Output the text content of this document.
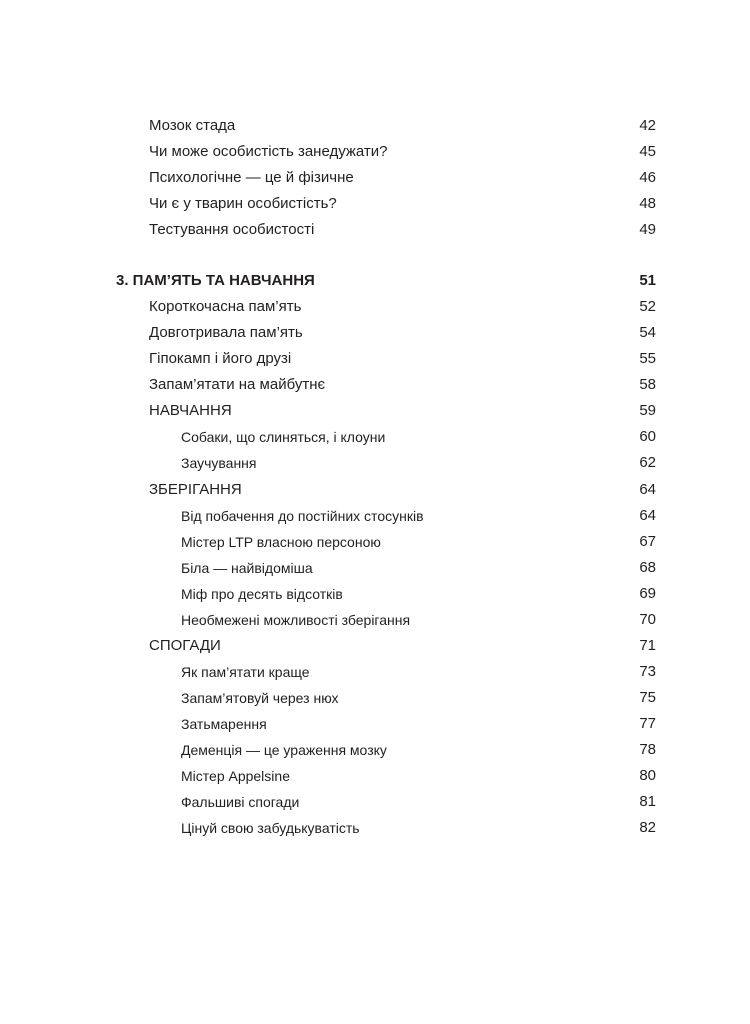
Мозок стада	42
Чи може особистість занедужати?	45
Психологічне — це й фізичне	46
Чи є у тварин особистість?	48
Тестування особистості	49
3. ПАМ’ЯТЬ ТА НАВЧАННЯ	51
Короткочасна пам’ять	52
Довготривала пам’ять	54
Гіпокамп і його друзі	55
Запам’ятати на майбутнє	58
НАВЧАННЯ	59
Собаки, що слиняться, і клоуни	60
Заучування	62
ЗБЕРІГАННЯ	64
Від побачення до постійних стосунків	64
Містер LTP власною персоною	67
Біла — найвідоміша	68
Міф про десять відсотків	69
Необмежені можливості зберігання	70
СПОГАДИ	71
Як пам’ятати краще	73
Запам’ятовуй через нюх	75
Затьмарення	77
Деменція — це ураження мозку	78
Містер Appelsine	80
Фальшиві спогади	81
Цінуй свою забудькуватість	82
